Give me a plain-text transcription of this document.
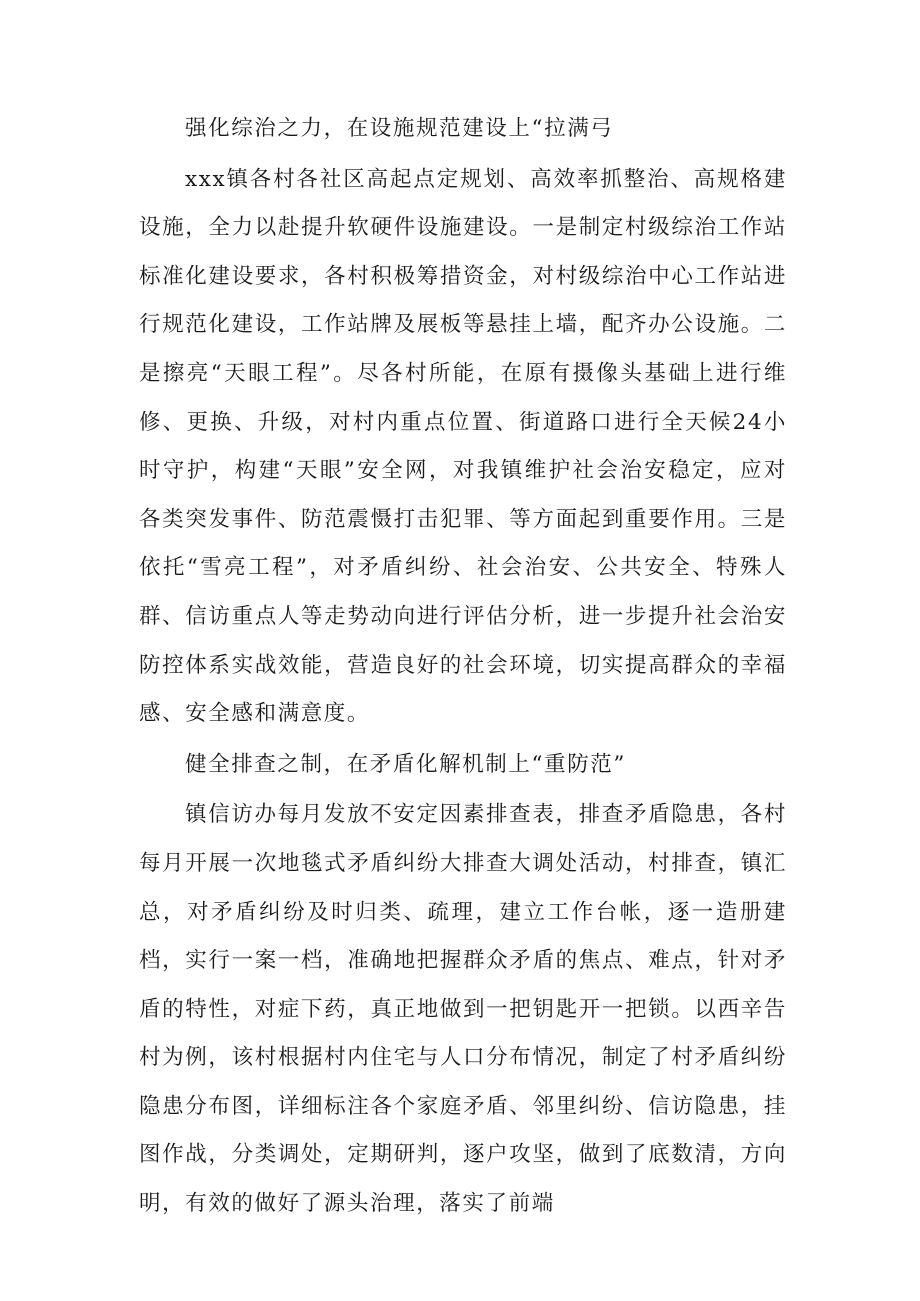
强化综治之力，在设施规范建设上“拉满弓

xxx镇各村各社区高起点定规划、高效率抓整治、高规格建设施，全力以赴提升软硬件设施建设。一是制定村级综治工作站标准化建设要求，各村积极筹措资金，对村级综治中心工作站进行规范化建设，工作站牌及展板等悬挂上墙，配齐办公设施。二是擦亮“天眼工程”。尽各村所能，在原有摄像头基础上进行维修、更换、升级，对村内重点位置、街道路口进行全天候24小时守护，构建“天眼”安全网，对我镇维护社会治安稳定，应对各类突发事件、防范震慑打击犯罪、等方面起到重要作用。三是依托“雪亮工程”，对矛盾纠纷、社会治安、公共安全、特殊人群、信访重点人等走势动向进行评估分析，进一步提升社会治安防控体系实战效能，营造良好的社会环境，切实提高群众的幸福感、安全感和满意度。

健全排查之制，在矛盾化解机制上“重防范”

镇信访办每月发放不安定因素排查表，排查矛盾隐患，各村每月开展一次地毯式矛盾纠纷大排查大调处活动，村排查，镇汇总，对矛盾纠纷及时归类、疏理，建立工作台帐，逐一造册建档，实行一案一档，准确地把握群众矛盾的焦点、难点，针对矛盾的特性，对症下药，真正地做到一把钥匙开一把锁。以西辛告村为例，该村根据村内住宅与人口分布情况，制定了村矛盾纠纷隐患分布图，详细标注各个家庭矛盾、邻里纠纷、信访隐患，挂图作战，分类调处，定期研判，逐户攻坚，做到了底数清，方向明，有效的做好了源头治理，落实了前端
